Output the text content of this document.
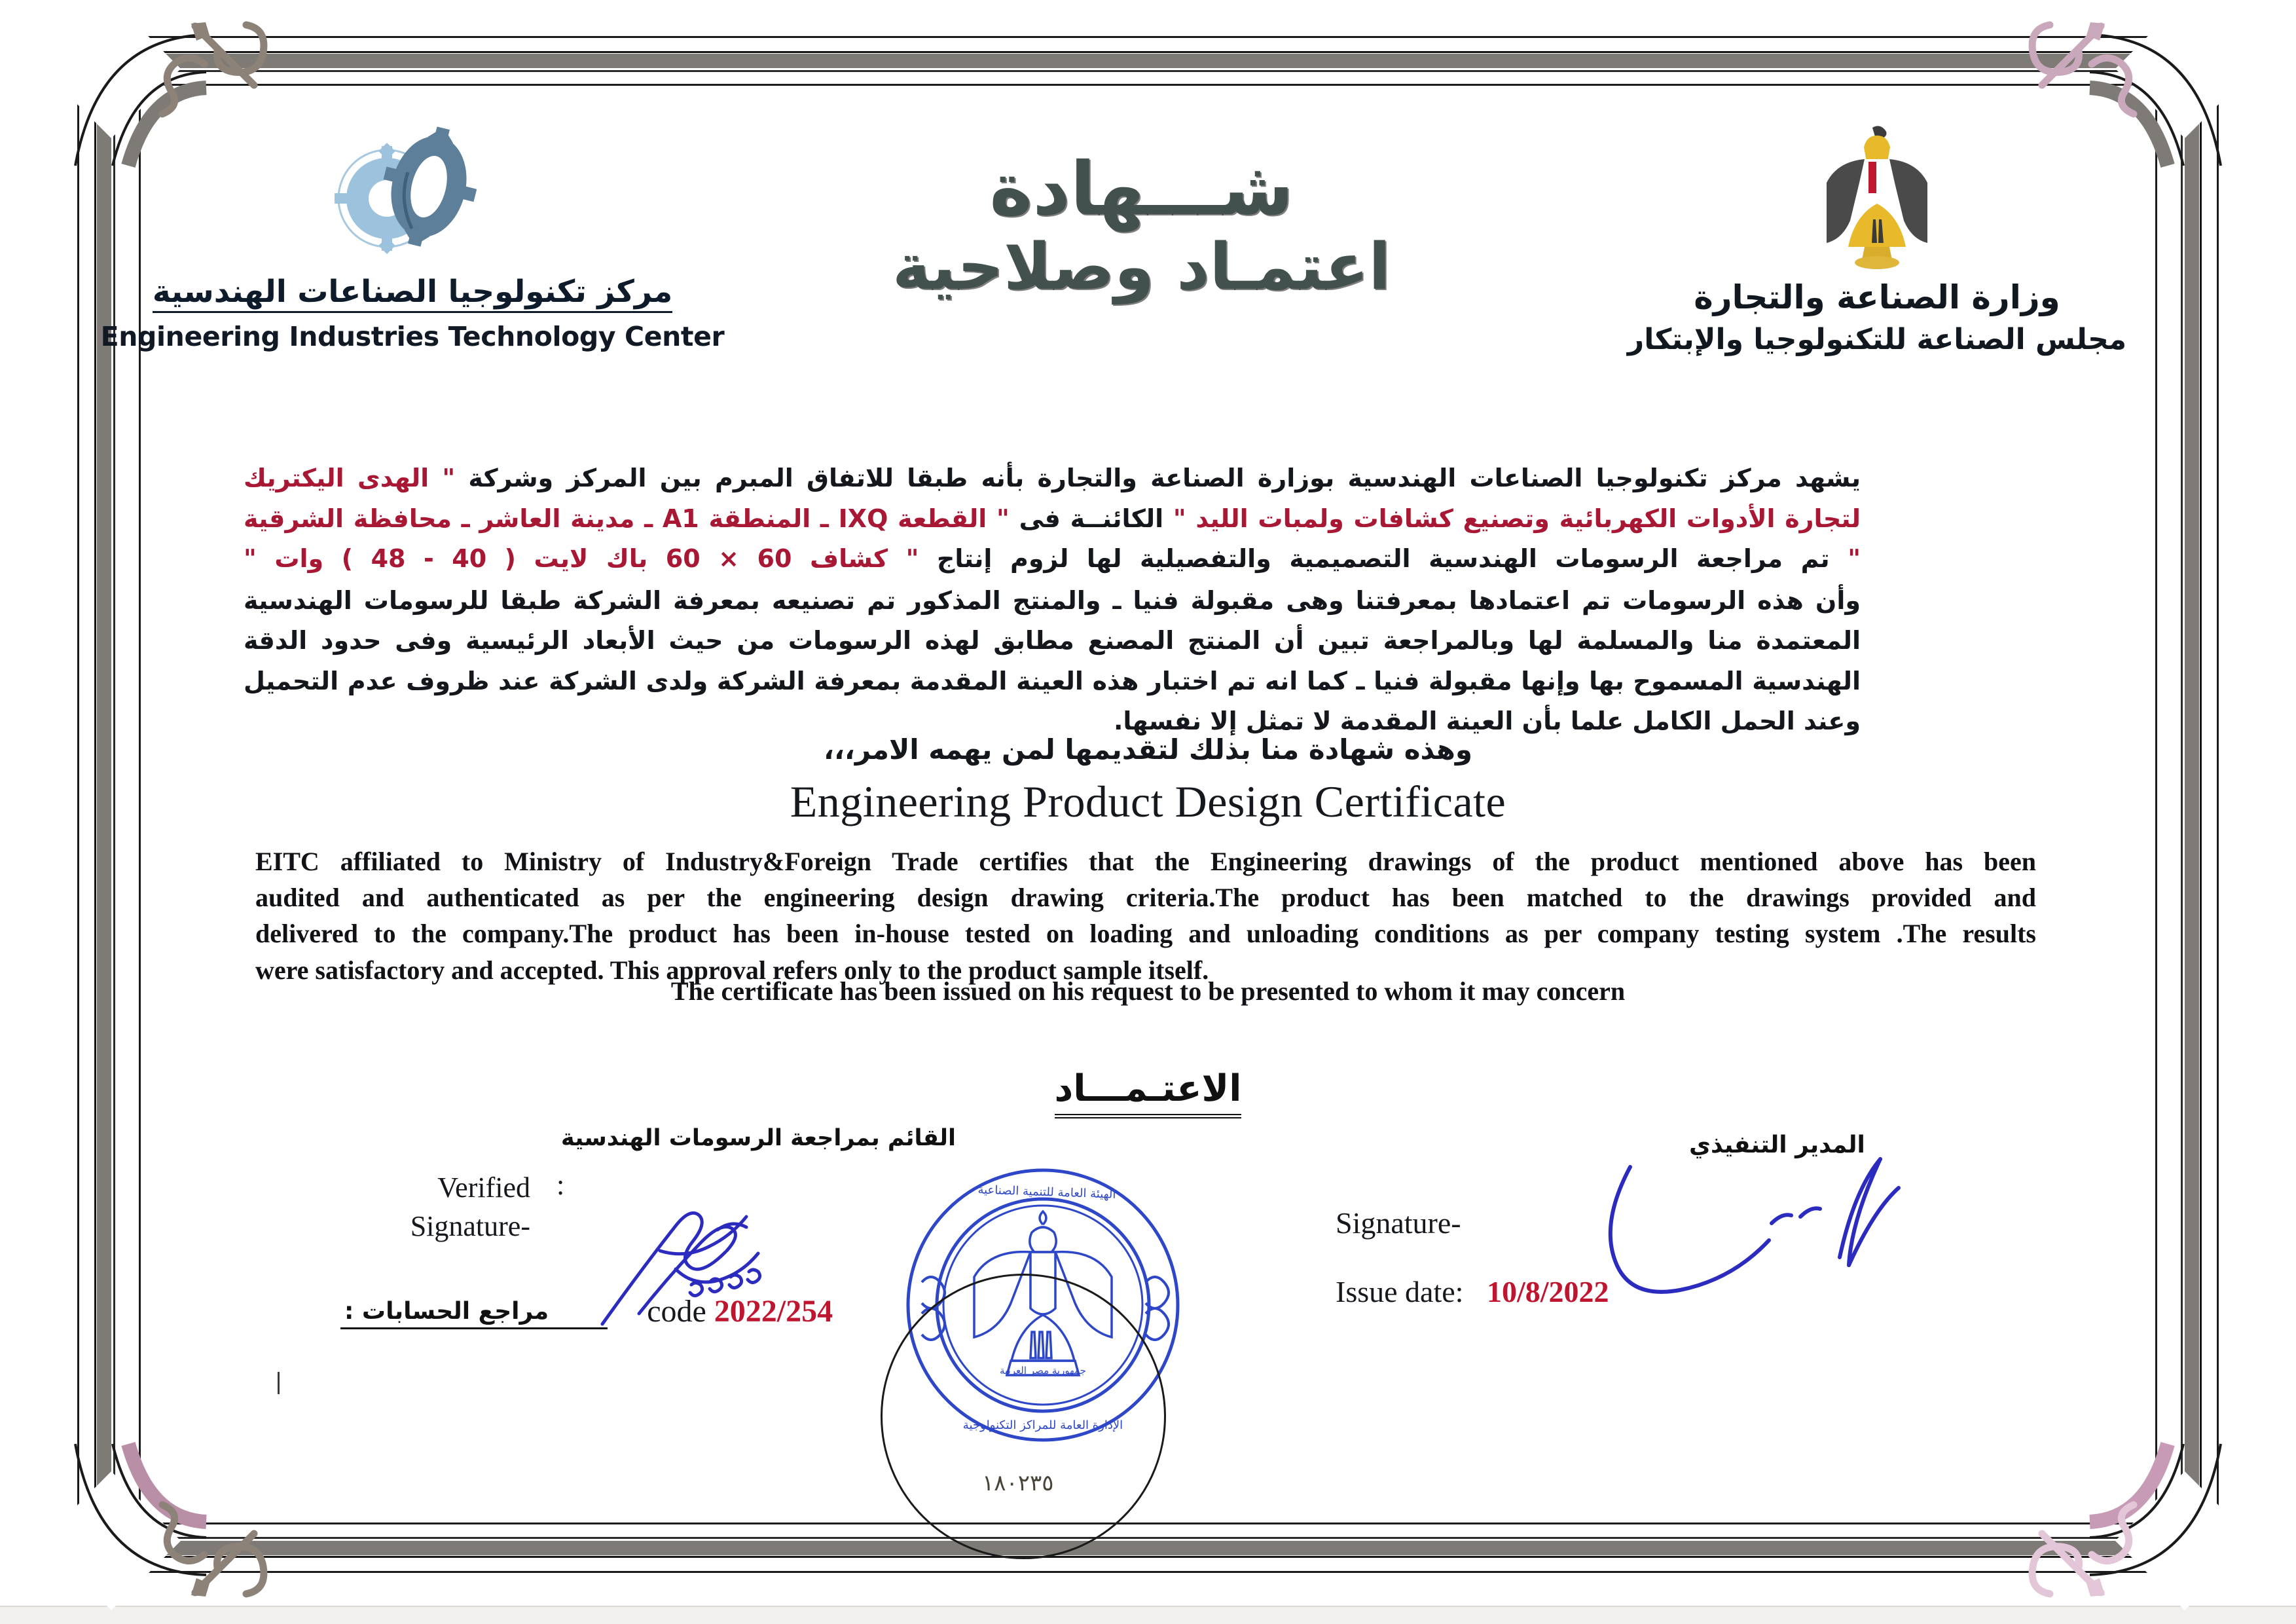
مركز تكنولوجيا الصناعات الهندسية
Engineering Industries Technology Center
شـــهادة
اعتمـاد وصلاحية	وزارة الصناعة والتجارة
مجلس الصناعة للتكنولوجيا والإبتكار

يشهد مركز تكنولوجيا الصناعات الهندسية بوزارة الصناعة والتجارة بأنه طبقا للاتفاق المبرم بين المركز وشركة " الهدى اليكتريك لتجارة الأدوات الكهربائية وتصنيع كشافات ولمبات الليد " الكائنــة فى " القطعة IXQ ـ المنطقة A1 ـ مدينة العاشر ـ محافظة الشرقية " تم مراجعة الرسومات الهندسية التصميمية والتفصيلية لها لزوم إنتاج " كشاف 60 × 60 باك لايت ( 40 - 48 ) وات "

وأن هذه الرسومات تم اعتمادها بمعرفتنا وهى مقبولة فنيا ـ والمنتج المذكور تم تصنيعه بمعرفة الشركة طبقا للرسومات الهندسية المعتمدة منا والمسلمة لها وبالمراجعة تبين أن المنتج المصنع مطابق لهذه الرسومات من حيث الأبعاد الرئيسية وفى حدود الدقة الهندسية المسموح بها وإنها مقبولة فنيا ـ كما انه تم اختبار هذه العينة المقدمة بمعرفة الشركة ولدى الشركة عند ظروف عدم التحميل وعند الحمل الكامل علما بأن العينة المقدمة لا تمثل إلا نفسها.

وهذه شهادة منا بذلك لتقديمها لمن يهمه الامر،،،
Engineering Product Design Certificate

EITC affiliated to Ministry of Industry&Foreign Trade certifies that the Engineering drawings of the product mentioned above has been

audited and authenticated as per the engineering design drawing criteria.The product has been matched to the drawings provided and

delivered to the company.The product has been in-house tested on loading and unloading conditions as per company testing system .The results

were satisfactory and accepted. This approval refers only to the product sample itself.

The certificate has been issued on his request to be presented to whom it may concern
الاعتـمـــاد
القائم بمراجعة الرسومات الهندسية
Verified
Signature-
:
المدير التنفيذي
Signature-
Issue date: 10/8/2022
مراجع الحسابات :	code 2022/254
جمهورية مصر العربية
الهيئة العامة للتنمية الصناعية
الإدارة العامة للمراكز التكنولوجية
١٨٠٢٣٥
